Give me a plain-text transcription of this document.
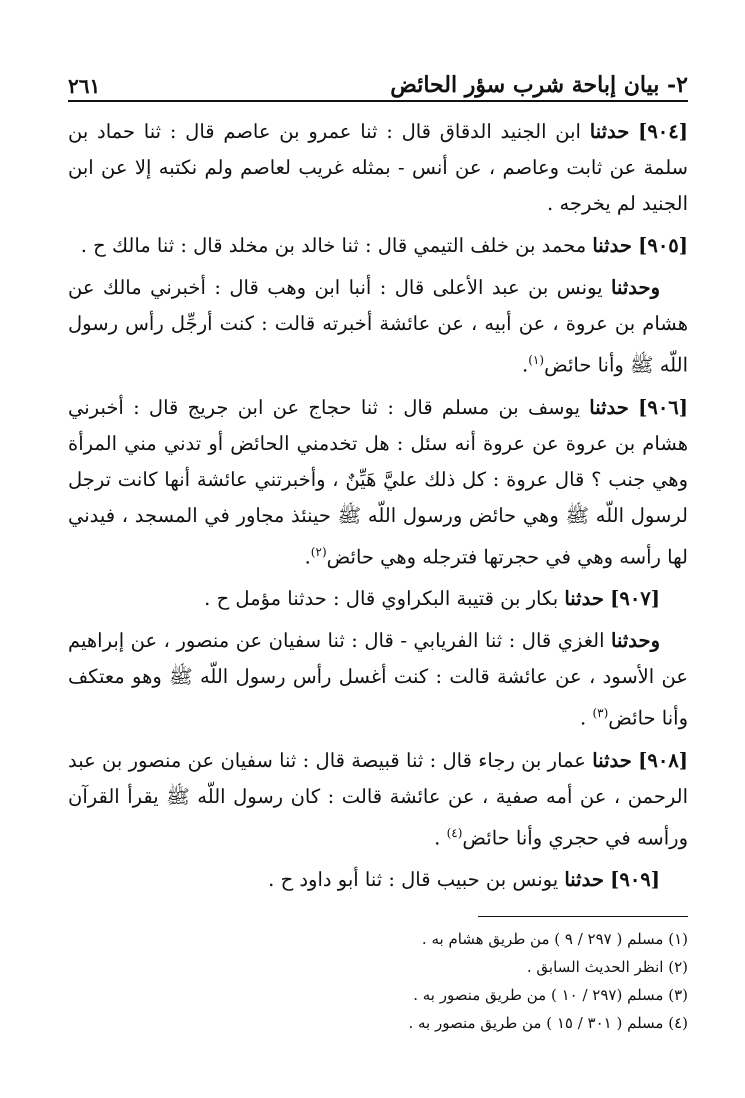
٢- بيان إباحة شرب سؤر الحائض
٢٦١

[٩٠٤] حدثنا ابن الجنيد الدقاق قال : ثنا عمرو بن عاصم قال : ثنا حماد بن سلمة عن ثابت وعاصم ، عن أنس - بمثله غريب لعاصم ولم نكتبه إلا عن ابن الجنيد لم يخرجه .

[٩٠٥] حدثنا محمد بن خلف التيمي قال : ثنا خالد بن مخلد قال : ثنا مالك ح .

وحدثنا يونس بن عبد الأعلى قال : أنبا ابن وهب قال : أخبرني مالك عن هشام بن عروة ، عن أبيه ، عن عائشة أخبرته قالت : كنت أرجِّل رأس رسول اللّه ﷺ وأنا حائض$^{(١)}$.

[٩٠٦] حدثنا يوسف بن مسلم قال : ثنا حجاج عن ابن جريج قال : أخبرني هشام بن عروة عن عروة أنه سئل : هل تخدمني الحائض أو تدني مني المرأة وهي جنب ؟ قال عروة : كل ذلك عليَّ هَيِّنٌ ، وأخبرتني عائشة أنها كانت ترجل لرسول اللّه ﷺ وهي حائض ورسول اللّه ﷺ حينئذ مجاور في المسجد ، فيدني لها رأسه وهي في حجرتها فترجله وهي حائض$^{(٢)}$.

[٩٠٧] حدثنا بكار بن قتيبة البكراوي قال : حدثنا مؤمل ح .

وحدثنا الغزي قال : ثنا الفريابي - قال : ثنا سفيان عن منصور ، عن إبراهيم عن الأسود ، عن عائشة قالت : كنت أغسل رأس رسول اللّه ﷺ وهو معتكف وأنا حائض$^{(٣)}$ .

[٩٠٨] حدثنا عمار بن رجاء قال : ثنا قبيصة قال : ثنا سفيان عن منصور بن عبد الرحمن ، عن أمه صفية ، عن عائشة قالت : كان رسول اللّه ﷺ يقرأ القرآن ورأسه في حجري وأنا حائض$^{(٤)}$ .

[٩٠٩] حدثنا يونس بن حبيب قال : ثنا أبو داود ح .

(١) مسلم ( ٢٩٧ / ٩ ) من طريق هشام به .
(٢) انظر الحديث السابق .
(٣) مسلم (٢٩٧ / ١٠ ) من طريق منصور به .
(٤) مسلم ( ٣٠١ / ١٥ ) من طريق منصور به .
